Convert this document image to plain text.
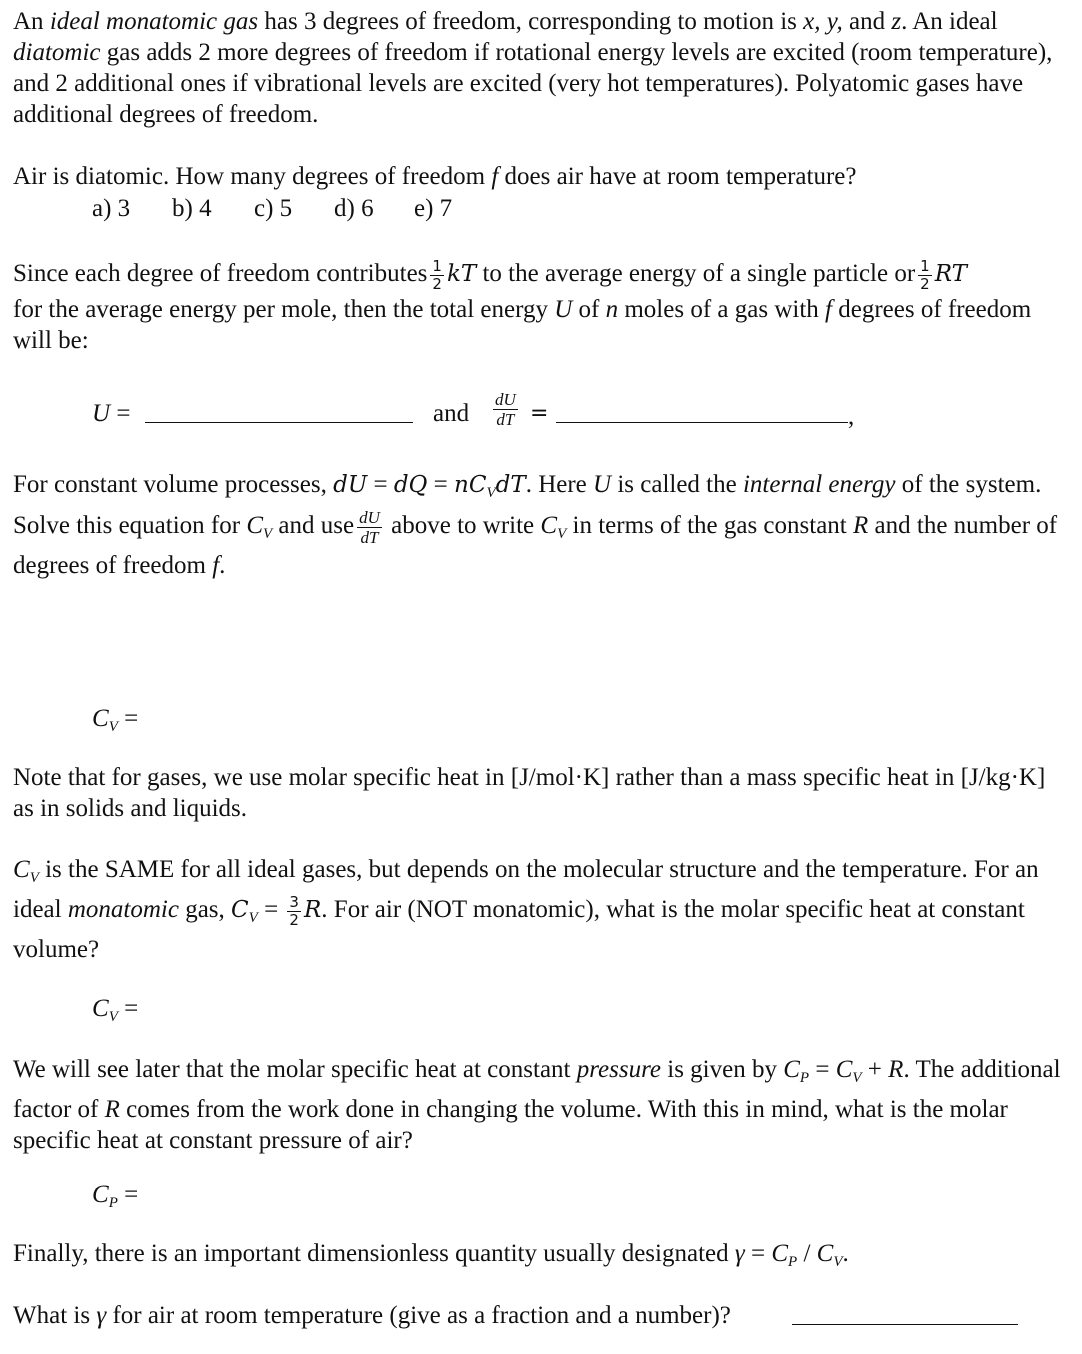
An ideal monatomic gas has 3 degrees of freedom, corresponding to motion is x, y, and z. An ideal diatomic gas adds 2 more degrees of freedom if rotational energy levels are excited (room temperature), and 2 additional ones if vibrational levels are excited (very hot temperatures). Polyatomic gases have additional degrees of freedom.

Air is diatomic. How many degrees of freedom f does air have at room temperature?

a) 3 b) 4 c) 5 d) 6 e) 7

Since each degree of freedom contributes $\frac{1}{2}$ kT to the average energy of a single particle or $\frac{1}{2}$ RT

for the average energy per mole, then the total energy U of n moles of a gas with f degrees of freedom will be:

U =	and $\frac{dU}{dT}$ =	,

For constant volume processes, dU = dQ = $nC_VdT$. Here U is called the internal energy of the system. Solve this equation for $C_V$ and use $\frac{dU}{dT}$ above to write $C_V$ in terms of the gas constant R and the number of degrees of freedom f.

$C_V$ =

Note that for gases, we use molar specific heat in [J/mol·K] rather than a mass specific heat in [J/kg·K] as in solids and liquids.

$C_V$ is the SAME for all ideal gases, but depends on the molecular structure and the temperature. For an ideal monatomic gas, $C_V = \frac{3}{2} R$. For air (NOT monatomic), what is the molar specific heat at constant volume?

$C_V$ =

We will see later that the molar specific heat at constant pressure is given by $C_P = C_V + R$. The additional factor of R comes from the work done in changing the volume. With this in mind, what is the molar specific heat at constant pressure of air?

$C_P$ =

Finally, there is an important dimensionless quantity usually designated $\gamma = C_P / C_V$.

What is γ for air at room temperature (give as a fraction and a number)?
